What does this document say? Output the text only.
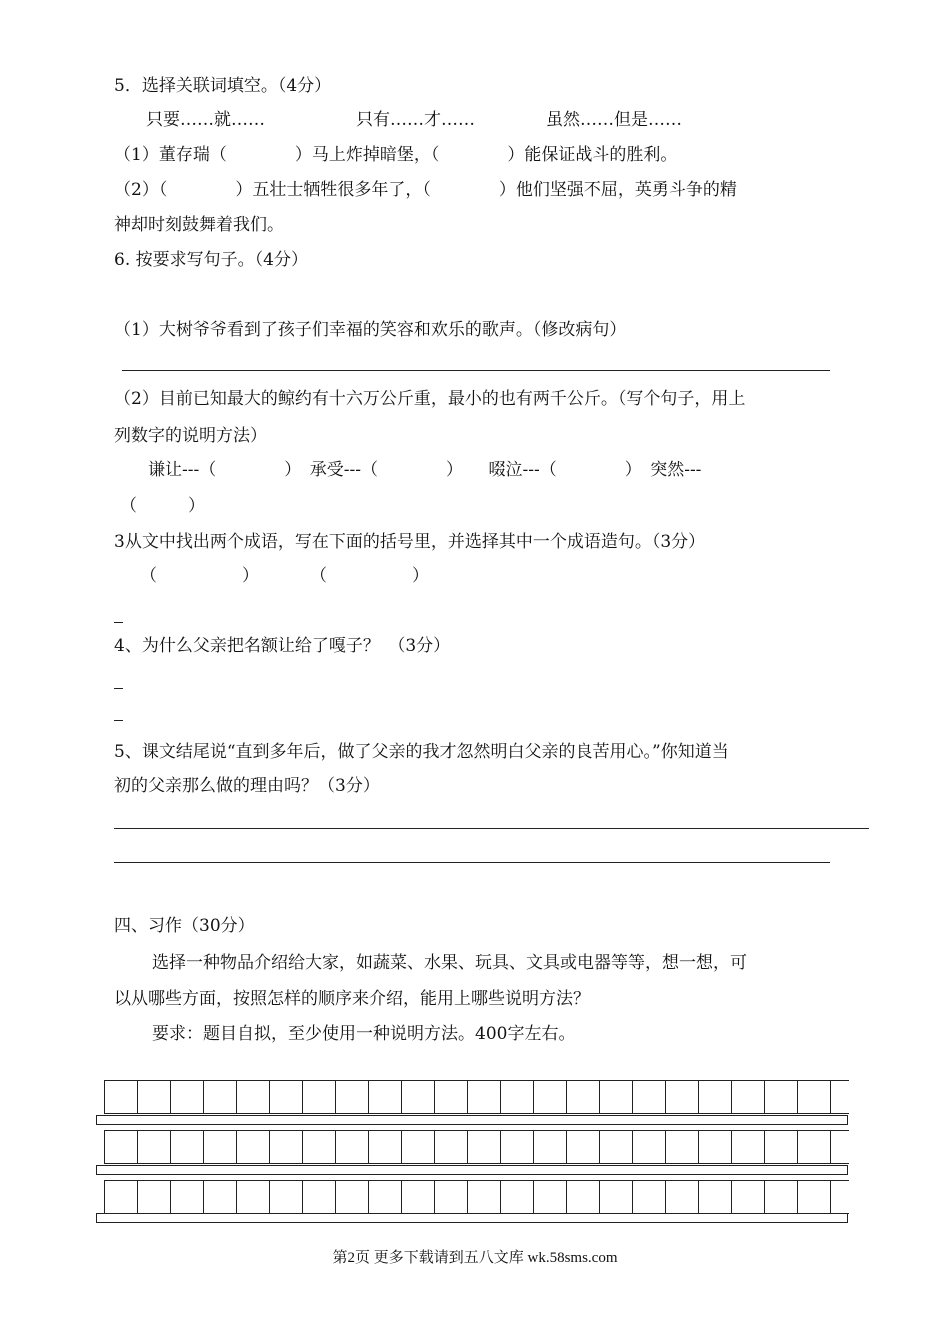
5．选择关联词填空。（4分）
只要……就……	只有……才……	虽然……但是……
（1）董存瑞（　　　　）马上炸掉暗堡，（　　　　）能保证战斗的胜利。
（2）（　　　　）五壮士牺牲很多年了，（　　　　）他们坚强不屈，英勇斗争的精
神却时刻鼓舞着我们。
6. 按要求写句子。（4分）
（1）大树爷爷看到了孩子们幸福的笑容和欢乐的歌声。（修改病句）
（2）目前已知最大的鲸约有十六万公斤重，最小的也有两千公斤。（写个句子，用上
列数字的说明方法）
谦让---（　　　　）　承受---（　　　　）　　啜泣---（　　　　）　突然---
（　　　）
3从文中找出两个成语，写在下面的括号里，并选择其中一个成语造句。（3分）
（　　　　　）　　　　（　　　　　）
4、为什么父亲把名额让给了嘎子？　（3分）
5、课文结尾说“直到多年后，做了父亲的我才忽然明白父亲的良苦用心。”你知道当
初的父亲那么做的理由吗？（3分）
四、习作（30分）
选择一种物品介绍给大家，如蔬菜、水果、玩具、文具或电器等等，想一想，可
以从哪些方面，按照怎样的顺序来介绍，能用上哪些说明方法？
要求：题目自拟，至少使用一种说明方法。400字左右。
第2页 更多下载请到五八文库 wk.58sms.com
